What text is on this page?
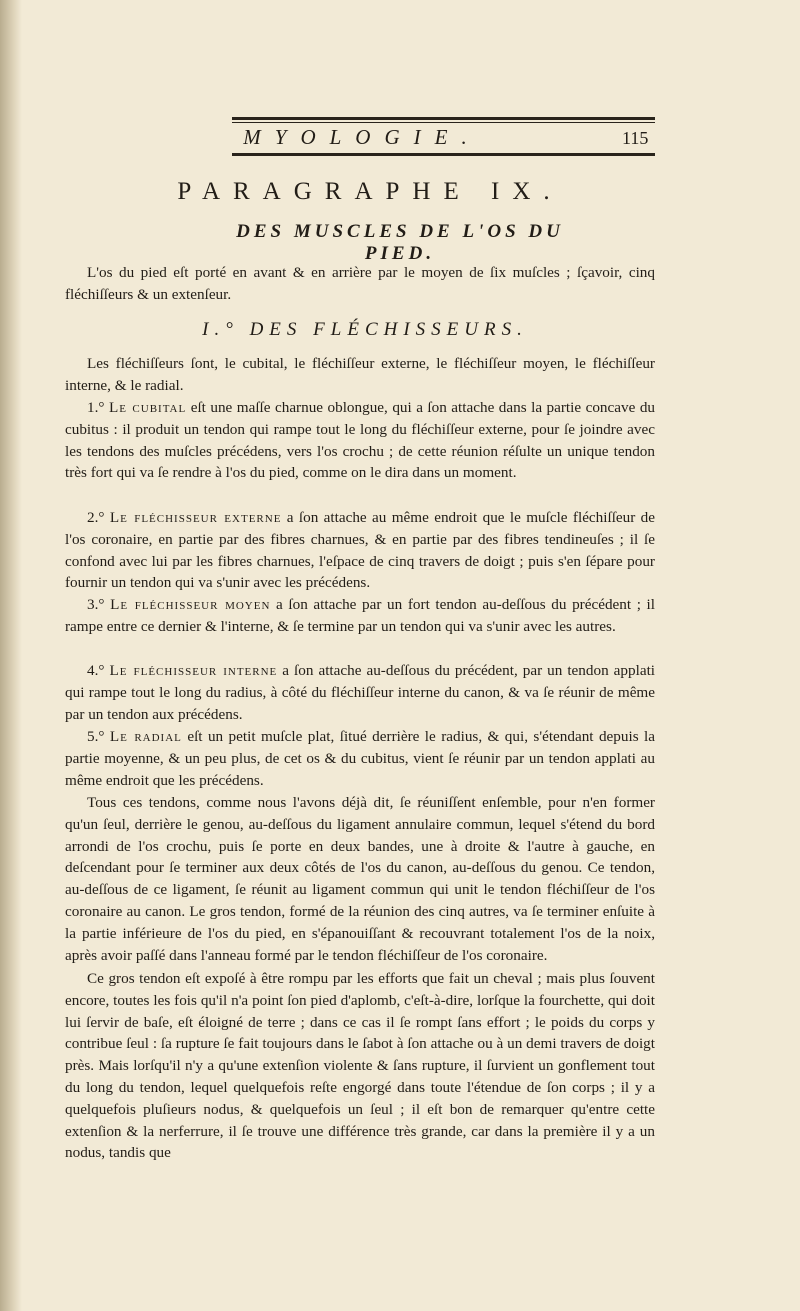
MYOLOGIE.	115
PARAGRAPHE IX.
DES MUSCLES DE L'OS DU PIED.

L'os du pied eſt porté en avant & en arrière par le moyen de ſix muſcles ; ſçavoir, cinq fléchiſſeurs & un extenſeur.

I.° DES FLÉCHISSEURS.

Les fléchiſſeurs ſont, le cubital, le fléchiſſeur externe, le fléchiſſeur moyen, le fléchiſſeur interne, & le radial.

1.° Le cubital eſt une maſſe charnue oblongue, qui a ſon attache dans la partie concave du cubitus : il produit un tendon qui rampe tout le long du fléchiſſeur externe, pour ſe joindre avec les tendons des muſcles précédens, vers l'os crochu ; de cette réunion réſulte un unique tendon très fort qui va ſe rendre à l'os du pied, comme on le dira dans un moment.

2.° Le fléchisseur externe a ſon attache au même endroit que le muſcle fléchiſſeur de l'os coronaire, en partie par des fibres charnues, & en partie par des fibres tendineuſes ; il ſe confond avec lui par les fibres charnues, l'eſpace de cinq travers de doigt ; puis s'en ſépare pour fournir un tendon qui va s'unir avec les précédens.

3.° Le fléchisseur moyen a ſon attache par un fort tendon au-deſſous du précédent ; il rampe entre ce dernier & l'interne, & ſe termine par un tendon qui va s'unir avec les autres.

4.° Le fléchisseur interne a ſon attache au-deſſous du précédent, par un tendon applati qui rampe tout le long du radius, à côté du fléchiſſeur interne du canon, & va ſe réunir de même par un tendon aux précédens.

5.° Le radial eſt un petit muſcle plat, ſitué derrière le radius, & qui, s'étendant depuis la partie moyenne, & un peu plus, de cet os & du cubitus, vient ſe réunir par un tendon applati au même endroit que les précédens.

Tous ces tendons, comme nous l'avons déjà dit, ſe réuniſſent enſemble, pour n'en former qu'un ſeul, derrière le genou, au-deſſous du ligament annulaire commun, lequel s'étend du bord arrondi de l'os crochu, puis ſe porte en deux bandes, une à droite & l'autre à gauche, en deſcendant pour ſe terminer aux deux côtés de l'os du canon, au-deſſous du genou. Ce tendon, au-deſſous de ce ligament, ſe réunit au ligament commun qui unit le tendon fléchiſſeur de l'os coronaire au canon. Le gros tendon, formé de la réunion des cinq autres, va ſe terminer enſuite à la partie inférieure de l'os du pied, en s'épanouiſſant & recouvrant totalement l'os de la noix, après avoir paſſé dans l'anneau formé par le tendon fléchiſſeur de l'os coronaire.

Ce gros tendon eſt expoſé à être rompu par les efforts que fait un cheval ; mais plus ſouvent encore, toutes les fois qu'il n'a point ſon pied d'aplomb, c'eſt-à-dire, lorſque la fourchette, qui doit lui ſervir de baſe, eſt éloigné de terre ; dans ce cas il ſe rompt ſans effort ; le poids du corps y contribue ſeul : ſa rupture ſe fait toujours dans le ſabot à ſon attache ou à un demi travers de doigt près. Mais lorſqu'il n'y a qu'une extenſion violente & ſans rupture, il ſurvient un gonflement tout du long du tendon, lequel quelquefois reſte engorgé dans toute l'étendue de ſon corps ; il y a quelquefois pluſieurs nodus, & quelquefois un ſeul ; il eſt bon de remarquer qu'entre cette extenſion & la nerferrure, il ſe trouve une différence très grande, car dans la première il y a un nodus, tandis que
